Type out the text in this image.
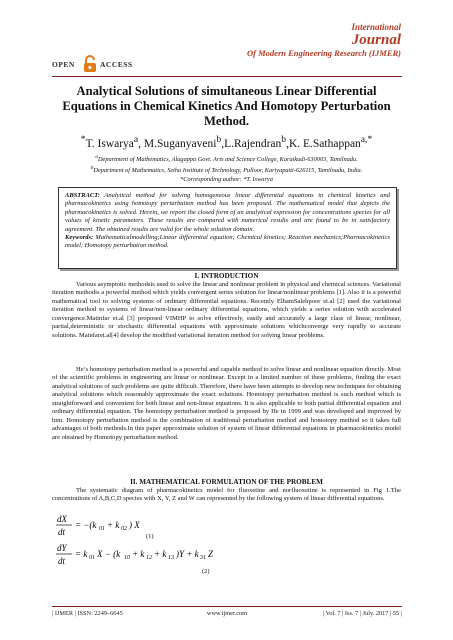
OPEN	ACCESS
International
Journal
Of Modern Engineering Research (IJMER)
Analytical Solutions of simultaneous Linear Differential Equations in Chemical Kinetics And Homotopy Perturbation Method.
*T. Iswarya$^a$, M.Suganyaveni$^b$,L.Rajendran$^b$,K. E.Sathappan$^{a,*}$
$^a$Department of Mathematics, Alagappa Govt. Arts and Science College, Karaikudi-630003, Tamilnadu.
$^b$Department of Mathematics, Sethu Institute of Technology, Pulloor, Kariyapatti-626115, Tamilnadu, India.
*Corresponding author: *T. Iswarya
ABSTRACT: Analytical method for solving homogeneous linear differential equations in chemical kinetics and pharmacokinetics using homotopy perturbation method has been proposed. The mathematical model that depicts the pharmacokinetics is solved. Herein, we report the closed form of an analytical expression for concentrations species for all values of kinetic parameters. These results are compared with numerical results and are found to be in satisfactory agreement. The obtained results are valid for the whole solution domain.
Keywords: Mathematicalmodelling;Linear differential equation; Chemical kinetics; Reaction mechanics;Pharmacokinetics model; Homotopy perturbation method.
I. INTRODUCTION
Various asymptotic methodsis used to solve the linear and nonlinear problem in physical and chemical sciences. Variational iteration methodis a powerful method which yields convergent series solution for linear/nonlinear problems [1]. Also it is a powerful mathematical tool to solving systems of ordinary differential equations. Recently ElhamSalehpoor et.al [2] used the variational iteration method to systems of linear/non-linear ordinary differential equations, which yields a series solution with accelerated convergence.Matinfar et.al [3] proposed VIMHP to solve effectively, easily and accurately a large class of linear, nonlinear, partial,deterministic or stochastic differential equations with approximate solutions whichconverge very rapidly to accurate solutions. Mainfaret.al[4] develop the modified variational iteration method for solving linear problems.
He’s homotopy perturbation method is a powerful and capable method to solve linear and nonlinear equation directly. Most of the scientific problems in engineering are linear or nonlinear. Except in a limited number of these problems, finding the exact analytical solutions of such problems are quite difficult. Therefore, there have been attempts to develop new techniques for obtaining analytical solutions which reasonably approximate the exact solutions. Homotopy perturbation method is such method which is straightforward and convenient for both linear and non-linear equations. It is also applicable to both partial differential equation and ordinary differential equation. The homotopy perturbation method is proposed by He in 1999 and was developed and improved by him. Homotopy perturbation method is the combination of traditional perturbation method and homotopy method so it takes full advantages of both methods.In this paper approximate solution of system of linear differential equations in pharmacokinetics model are obtained by Homotopy perturbation method.
II. MATHEMATICAL FORMULATION OF THE PROBLEM
The systematic diagram of pharmacokinetics model for fluoxetine and norfluoxetine is represented in Fig 1.The concentrations of A,B,C,D species with X, Y, Z and W can represented by the following system of linear differential equations.
dX
dt
= −(k 01 + k 02 ) X
(1)
dY
dt
= k 01 X − (k 10 + k 12 + k 13 )Y + k 31 Z
(2)
| IJMER | ISSN: 2249–6645	www.ijmer.com	| Vol. 7 | Iss. 7 | July. 2017 | 55 |
